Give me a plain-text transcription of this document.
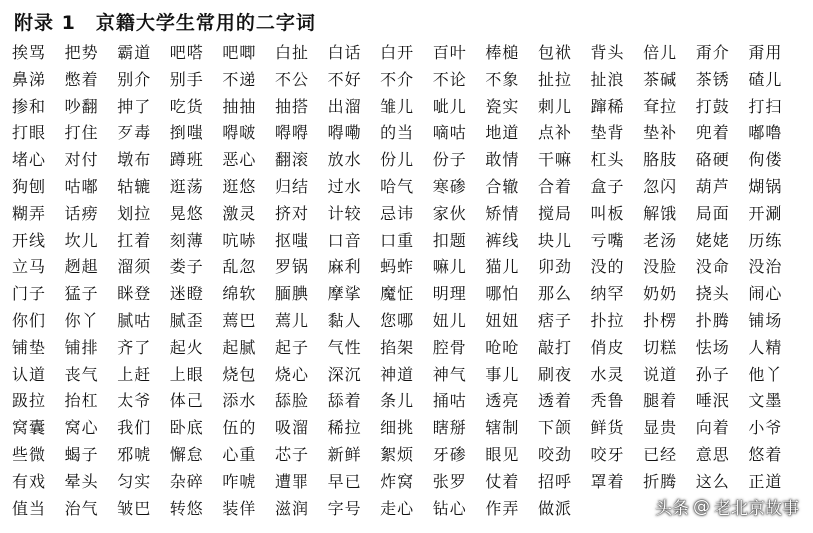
附录 1 京籍大学生常用的二字词
挨骂	把势	霸道	吧嗒	吧唧	白扯	白话	白开	百叶	棒槌	包袱	背头	倍儿	甭介	甭用
鼻涕	憋着	别介	别手	不递	不公	不好	不介	不论	不象	扯拉	扯浪	茶碱	茶锈	碴儿
掺和	吵翻	抻了	吃货	抽抽	抽搭	出溜	雏儿	呲儿	瓷实	刺儿	蹿稀	耷拉	打鼓	打扫
打眼	打住	歹毒	捯嗤	嘚啵	嘚嘚	嘚嘞	的当	嘀咕	地道	点补	垫背	垫补	兜着	嘟噜
堵心	对付	墩布	蹲班	恶心	翻滚	放水	份儿	份子	敢情	干嘛	杠头	胳肢	硌硬	佝偻
狗刨	咕嘟	轱辘	逛荡	逛悠	归结	过水	哈气	寒碜	合辙	合着	盒子	忽闪	葫芦	煳锅
糊弄	话痨	划拉	晃悠	激灵	挤对	计较	忌讳	家伙	矫情	搅局	叫板	解饿	局面	开涮
开线	坎儿	扛着	刻薄	吭哧	抠嗤	口音	口重	扣题	裤线	块儿	亏嘴	老汤	姥姥	历练
立马	趔趄	溜须	娄子	乱忽	罗锅	麻利	蚂蚱	嘛儿	猫儿	卯劲	没的	没脸	没命	没治
门子	猛子	眯登	迷瞪	绵软	腼腆	摩挲	魔怔	明理	哪怕	那么	纳罕	奶奶	挠头	闹心
你们	你丫	腻咕	腻歪	蔫巴	蔫儿	黏人	您哪	妞儿	妞妞	痞子	扑拉	扑楞	扑腾	铺场
铺垫	铺排	齐了	起火	起腻	起子	气性	掐架	腔骨	呛呛	敲打	俏皮	切糕	怯场	人精
认道	丧气	上赶	上眼	烧包	烧心	深沉	神道	神气	事儿	刷夜	水灵	说道	孙子	他丫
趿拉	抬杠	太爷	体己	添水	舔脸	舔着	条儿	捅咕	透亮	透着	秃鲁	腿着	唾泯	文墨
窝囊	窝心	我们	卧底	伍的	吸溜	稀拉	细挑	瞎掰	辖制	下颌	鲜货	显贵	向着	小爷
些微	蝎子	邪唬	懈怠	心重	芯子	新鲜	絮烦	牙碜	眼见	咬劲	咬牙	已经	意思	悠着
有戏	晕头	匀实	杂碎	咋唬	遭罪	早已	炸窝	张罗	仗着	招呼	罩着	折腾	这么	正道
值当	治气	皱巴	转悠	装佯	滋润	字号	走心	钻心	作弄	做派	头条 @ 老北京故事
